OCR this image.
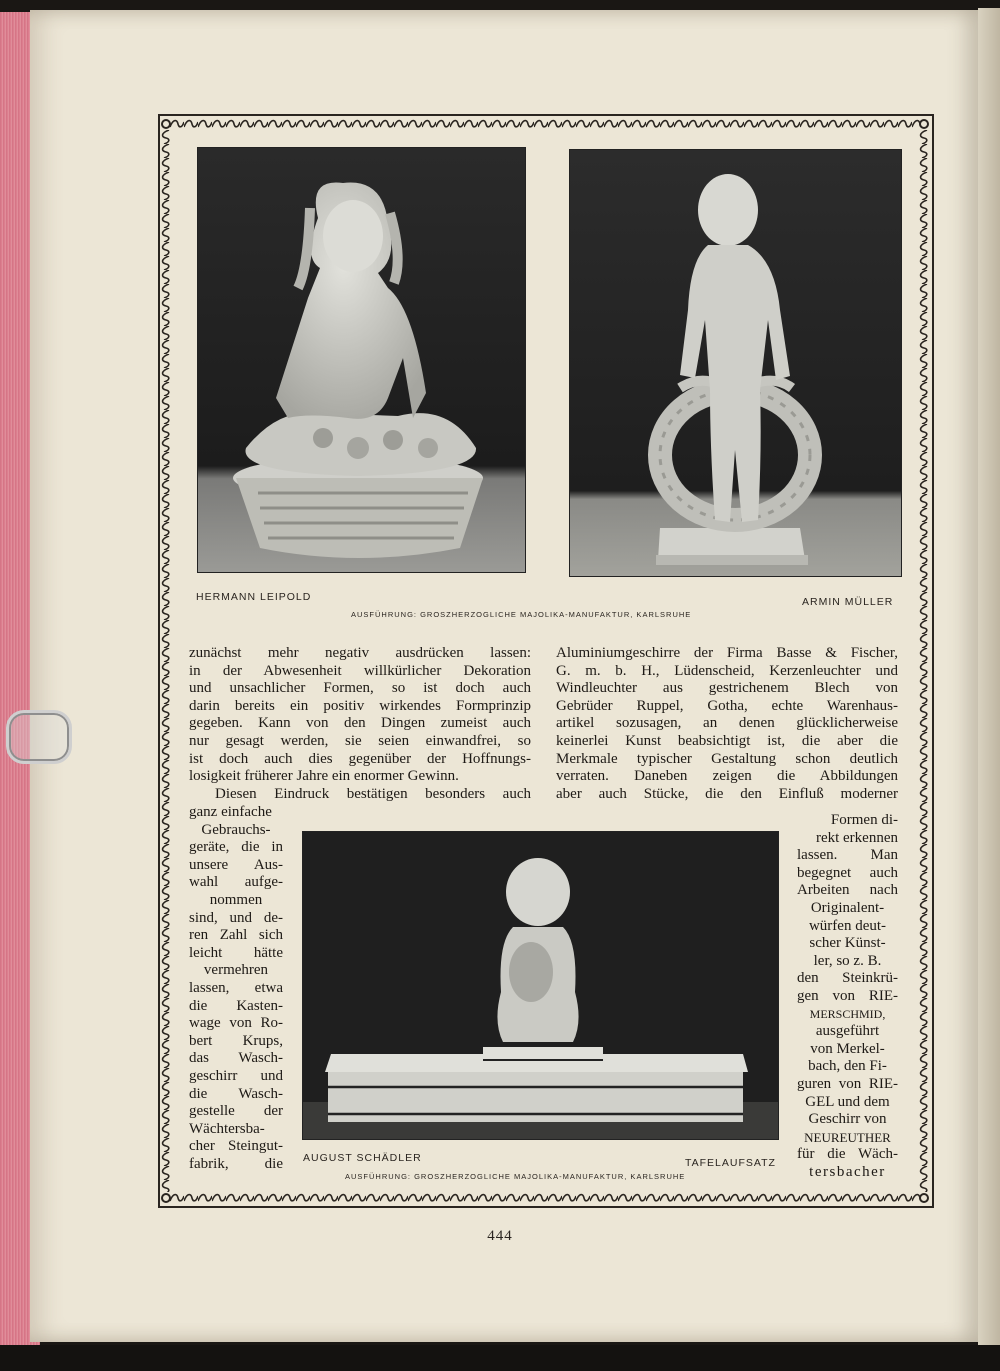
HERMANN LEIPOLD	ARMIN MÜLLER
AUSFÜHRUNG: GROSZHERZOGLICHE MAJOLIKA-MANUFAKTUR, KARLSRUHE
AUGUST SCHÄDLER	TAFELAUFSATZ
AUSFÜHRUNG: GROSZHERZOGLICHE MAJOLIKA-MANUFAKTUR, KARLSRUHE
zunächst mehr negativ ausdrücken lassen:
in der Abwesenheit willkürlicher Dekoration
und unsachlicher Formen, so ist doch auch
darin bereits ein positiv wirkendes Formprinzip
gegeben. Kann von den Dingen zumeist auch
nur gesagt werden, sie seien einwandfrei, so
ist doch auch dies gegenüber der Hoffnungs-
losigkeit früherer Jahre ein enormer Gewinn.
Diesen Eindruck bestätigen besonders auch
Aluminiumgeschirre der Firma Basse & Fischer,
G. m. b. H., Lüdenscheid, Kerzenleuchter und
Windleuchter aus gestrichenem Blech von
Gebrüder Ruppel, Gotha, echte Warenhaus-
artikel sozusagen, an denen glücklicherweise
keinerlei Kunst beabsichtigt ist, die aber die
Merkmale typischer Gestaltung schon deutlich
verraten. Daneben zeigen die Abbildungen
aber auch Stücke, die den Einfluß moderner
ganz einfache
Gebrauchs-
geräte, die in
unsere Aus-
wahl aufge-
nommen
sind, und de-
ren Zahl sich
leicht hätte
vermehren
lassen, etwa
die Kasten-
wage von Ro-
bert Krups,
das Wasch-
geschirr und
die Wasch-
gestelle der
Wächtersba-
cher Steingut-
fabrik, die
Formen di-
rekt erkennen
lassen. Man
begegnet auch
Arbeiten nach
Originalent-
würfen deut-
scher Künst-
ler, so z. B.
den Steinkrü-
gen von RIE-
MERSCHMID,
ausgeführt
von Merkel-
bach, den Fi-
guren von RIE-
GEL und dem
Geschirr von
NEUREUTHER
für die Wäch-
tersbacher
444
